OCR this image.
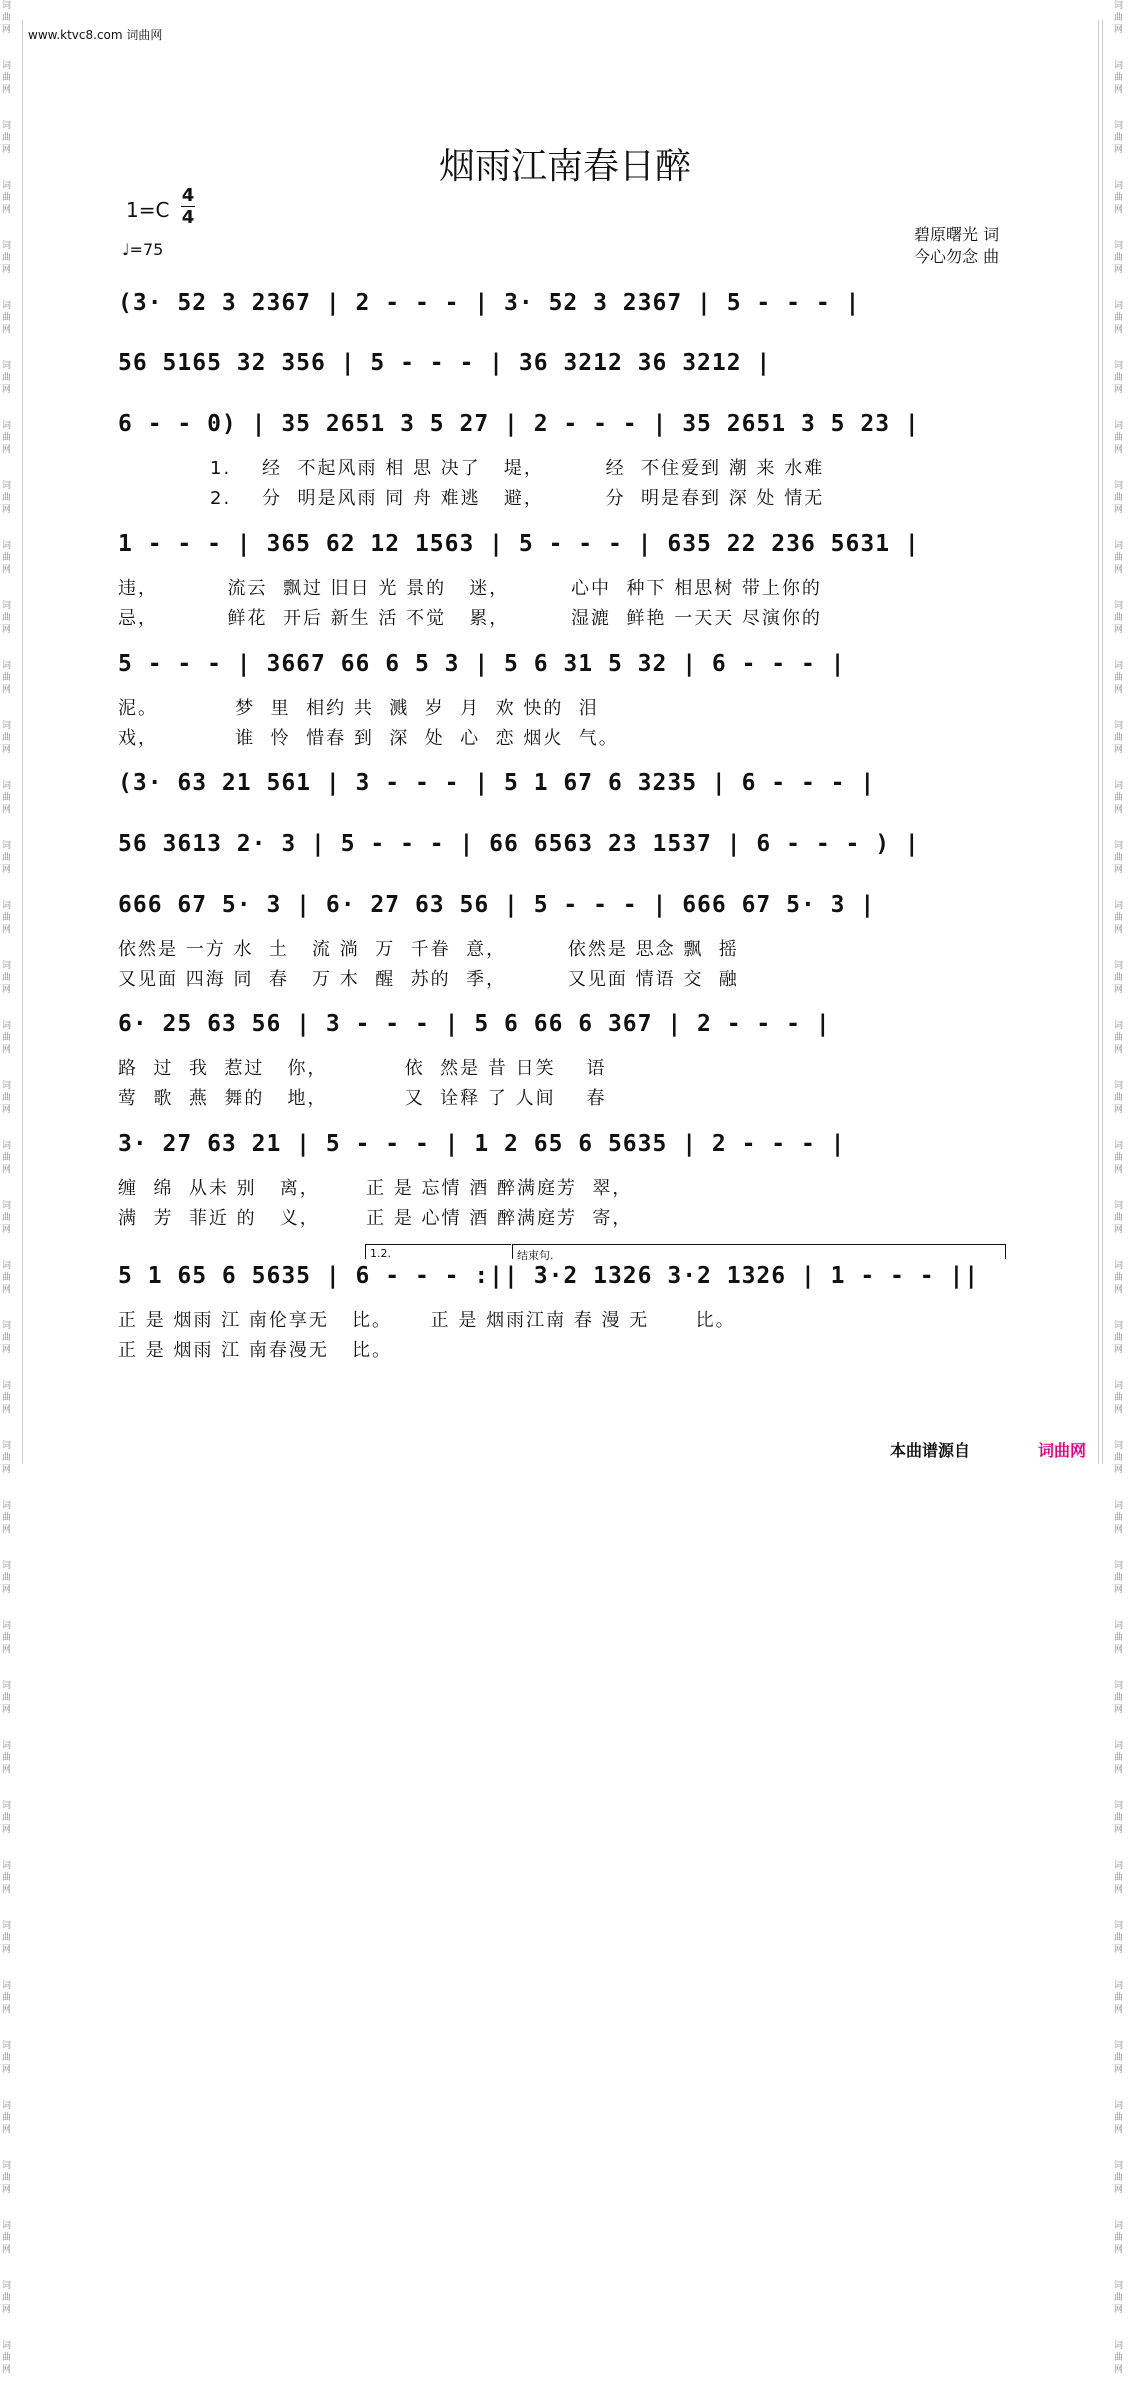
词
曲
网

词
曲
网

词
曲
网

词
曲
网

词
曲
网

词
曲
网

词
曲
网

词
曲
网

词
曲
网

词
曲
网

词
曲
网

词
曲
网

词
曲
网

词
曲
网

词
曲
网

词
曲
网

词
曲
网

词
曲
网

词
曲
网

词
曲
网

词
曲
网

词
曲
网

词
曲
网

词
曲
网

词
曲
网

词
曲
网

词
曲
网

词
曲
网

词
曲
网

词
曲
网

词
曲
网

词
曲
网

词
曲
网

词
曲
网

词
曲
网

词
曲
网

词
曲
网

词
曲
网

词
曲
网

词
曲
网

词
曲
网

词
曲
网

词
曲
网

词
曲
网

词
曲
网

词
曲
网

词
曲
网

词
曲
网

词
曲
网

词
曲
网

词
曲
网

词
曲
网

词
曲
网

词
曲
网

词
曲
网

词
曲
网

词
曲
网

词
曲
网

词
曲
网

词
曲
网

词
曲
网

词
曲
网

词
曲
网

词
曲
网

词
曲
网

词
曲
网

词
曲
网

词
曲
网

词
曲
网

词
曲
网

词
曲
网

词
曲
网

词
曲
网

词
曲
网

词
曲
网

词
曲
网

词
曲
网

词
曲
网

词
曲
网

词
曲
网

www.ktvc8.com 词曲网
烟雨江南春日醉
1=C
4
4
♩=75
碧原曙光 词
今心勿念 曲
(3· 52 3 2367 | 2 - - - | 3· 52 3 2367 | 5 - - - |
56 5165 32 356 | 5 - - - | 36 3212 36 3212 |
6 - - 0) | 35 2651 3 5 27 | 2 - - - | 35 2651 3 5 23 |
1.    经  不起风雨 相 思 决了   堤，        经  不住爱到 潮 来 水难
2.    分  明是风雨 同 舟 难逃   避，        分  明是春到 深 处 情无
1 - - - | 365 62 12 1563 | 5 - - - | 635 22 236 5631 |
违，         流云  飘过 旧日 光 景的   迷，        心中  种下 相思树 带上你的
忌，         鲜花  开后 新生 活 不觉   累，        湿漉  鲜艳 一天天 尽演你的
5 - - - | 3667 66 6 5 3 | 5 6 31 5 32 | 6 - - - |
泥。          梦  里  相约 共  溅  岁  月  欢 快的  泪
戏，          谁  怜  惜春 到  深  处  心  恋 烟火  气。
(3· 63 21 561 | 3 - - - | 5 1 67 6 3235 | 6 - - - |
56 3613 2· 3 | 5 - - - | 66 6563 23 1537 | 6 - - - ) |
666 67 5· 3 | 6· 27 63 56 | 5 - - - | 666 67 5· 3 |
依然是 一方 水  土   流 淌  万  千眷  意，        依然是 思念 飘  摇
又见面 四海 同  春   万 木  醒  苏的  季，        又见面 情语 交  融
6· 25 63 56 | 3 - - - | 5 6 66 6 367 | 2 - - - |
路  过  我  惹过   你，          依  然是 昔 日笑    语
莺  歌  燕  舞的   地，          又  诠释 了 人间    春
3· 27 63 21 | 5 - - - | 1 2 65 6 5635 | 2 - - - |
缠  绵  从未 别   离，      正 是 忘情 酒 醉满庭芳  翠，
满  芳  菲近 的   义，      正 是 心情 酒 醉满庭芳  寄，
1.2.	结束句.
5 1 65 6 5635 | 6 - - - :|| 3·2 1326 3·2 1326 | 1 - - - ||
正 是 烟雨 江 南伦享无   比。     正 是 烟雨江南 春 漫 无      比。
正 是 烟雨 江 南春漫无   比。
本曲谱源自	词曲网
